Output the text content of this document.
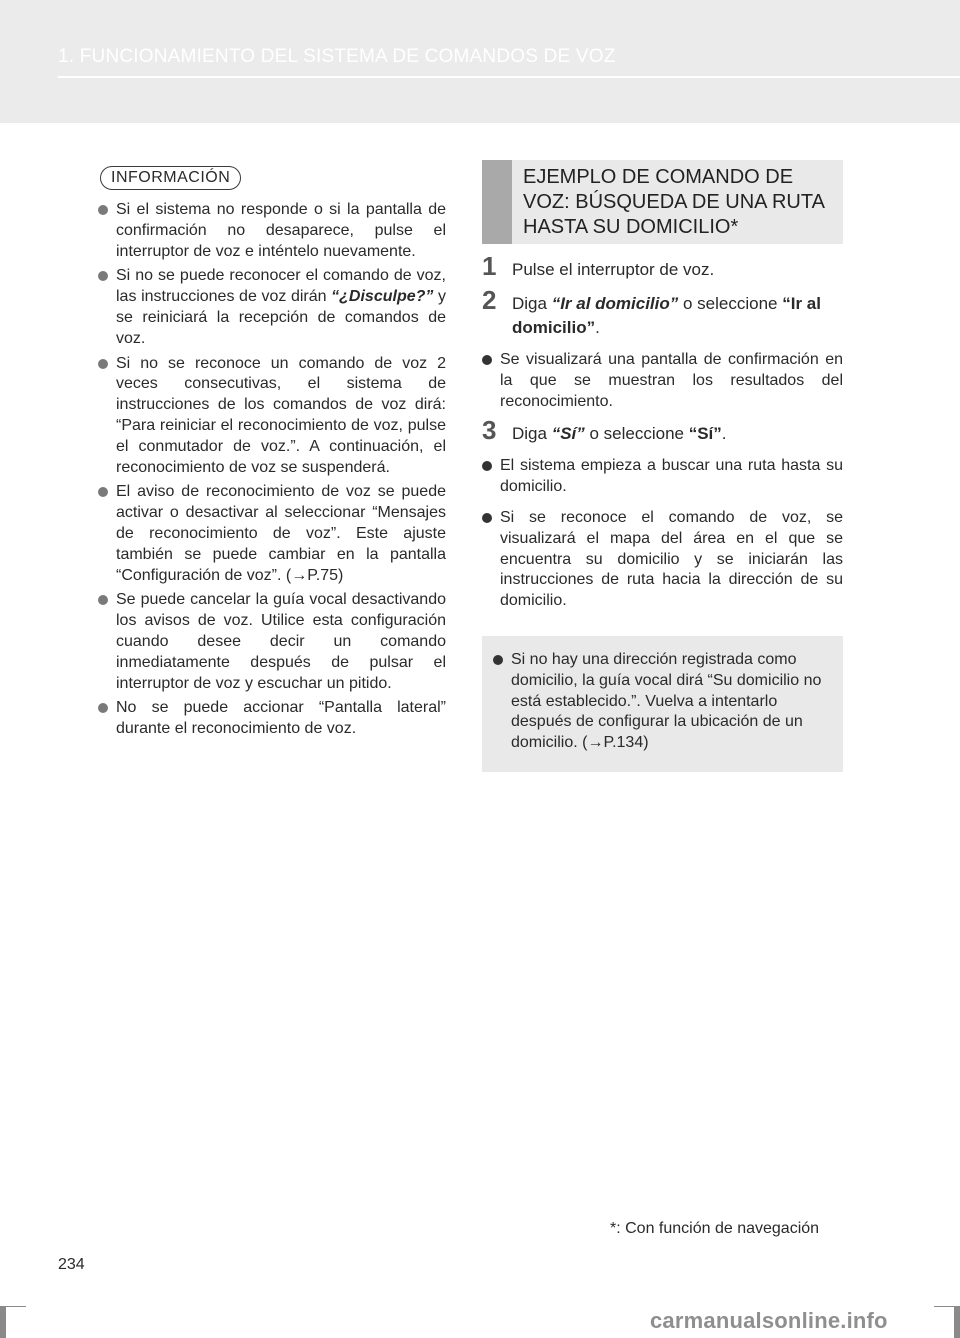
1. FUNCIONAMIENTO DEL SISTEMA DE COMANDOS DE VOZ
INFORMACIÓN
Si el sistema no responde o si la pantalla de confirmación no desaparece, pulse el interruptor de voz e inténtelo nuevamente.
Si no se puede reconocer el comando de voz, las instrucciones de voz dirán “¿Disculpe?” y se reiniciará la recepción de comandos de voz.
Si no se reconoce un comando de voz 2 veces consecutivas, el sistema de instrucciones de los comandos de voz dirá: “Para reiniciar el reconocimiento de voz, pulse el conmutador de voz.”. A continuación, el reconocimiento de voz se suspenderá.
El aviso de reconocimiento de voz se puede activar o desactivar al seleccionar “Mensajes de reconocimiento de voz”. Este ajuste también se puede cambiar en la pantalla “Configuración de voz”. (→P.75)
Se puede cancelar la guía vocal desactivando los avisos de voz. Utilice esta configuración cuando desee decir un comando inmediatamente después de pulsar el interruptor de voz y escuchar un pitido.
No se puede accionar “Pantalla lateral” durante el reconocimiento de voz.
EJEMPLO DE COMANDO DE VOZ: BÚSQUEDA DE UNA RUTA HASTA SU DOMICILIO*
1 Pulse el interruptor de voz.
2 Diga “Ir al domicilio” o seleccione “Ir al domicilio”.
Se visualizará una pantalla de confirmación en la que se muestran los resultados del reconocimiento.
3 Diga “Sí” o seleccione “Sí”.
El sistema empieza a buscar una ruta hasta su domicilio.
Si se reconoce el comando de voz, se visualizará el mapa del área en el que se encuentra su domicilio y se iniciarán las instrucciones de ruta hacia la dirección de su domicilio.
Si no hay una dirección registrada como domicilio, la guía vocal dirá “Su domicilio no está establecido.”. Vuelva a intentarlo después de configurar la ubicación de un domicilio. (→P.134)
*: Con función de navegación
234
carmanualsonline.info
